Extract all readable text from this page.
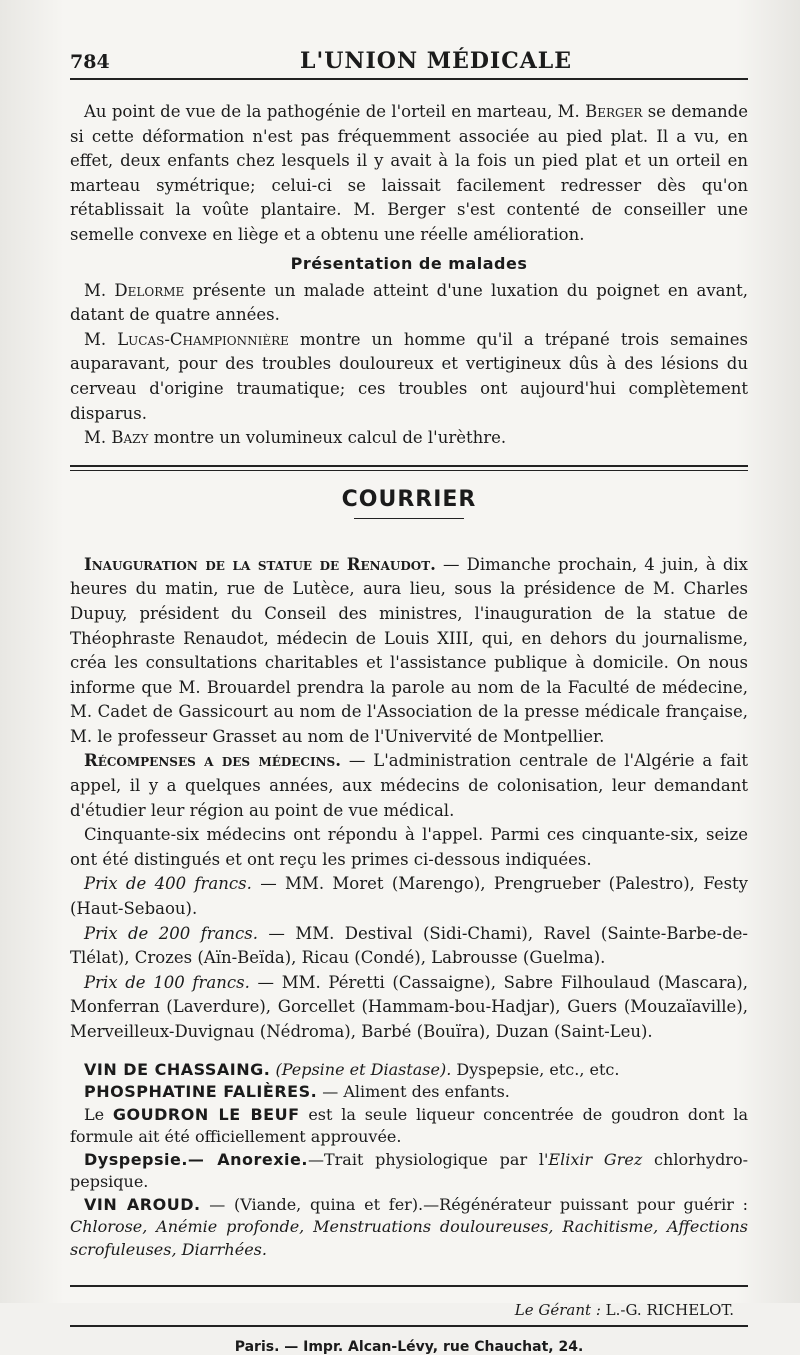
784	L'UNION MÉDICALE

Au point de vue de la pathogénie de l'orteil en marteau, M. Berger se demande si cette déformation n'est pas fréquemment associée au pied plat. Il a vu, en effet, deux enfants chez lesquels il y avait à la fois un pied plat et un orteil en marteau symétrique; celui-ci se laissait facilement redresser dès qu'on rétablissait la voûte plantaire. M. Berger s'est contenté de conseiller une semelle convexe en liège et a obtenu une réelle amélioration.

Présentation de malades

M. Delorme présente un malade atteint d'une luxation du poignet en avant, datant de quatre années.

M. Lucas-Championnière montre un homme qu'il a trépané trois semaines auparavant, pour des troubles douloureux et vertigineux dûs à des lésions du cerveau d'origine traumatique; ces troubles ont aujourd'hui complètement disparus.

M. Bazy montre un volumineux calcul de l'urèthre.

COURRIER

Inauguration de la statue de Renaudot. — Dimanche prochain, 4 juin, à dix heures du matin, rue de Lutèce, aura lieu, sous la présidence de M. Charles Dupuy, président du Conseil des ministres, l'inauguration de la statue de Théophraste Renaudot, médecin de Louis XIII, qui, en dehors du journalisme, créa les consultations charitables et l'assistance publique à domicile. On nous informe que M. Brouardel prendra la parole au nom de la Faculté de médecine, M. Cadet de Gassicourt au nom de l'Association de la presse médicale française, M. le professeur Grasset au nom de l'Univervité de Montpellier.

Récompenses a des médecins. — L'administration centrale de l'Algérie a fait appel, il y a quelques années, aux médecins de colonisation, leur demandant d'étudier leur région au point de vue médical.

Cinquante-six médecins ont répondu à l'appel. Parmi ces cinquante-six, seize ont été distingués et ont reçu les primes ci-dessous indiquées.

Prix de 400 francs. — MM. Moret (Marengo), Prengrueber (Palestro), Festy (Haut-Sebaou).

Prix de 200 francs. — MM. Destival (Sidi-Chami), Ravel (Sainte-Barbe-de-Tlélat), Crozes (Aïn-Beïda), Ricau (Condé), Labrousse (Guelma).

Prix de 100 francs. — MM. Péretti (Cassaigne), Sabre Filhoulaud (Mascara), Monferran (Laverdure), Gorcellet (Hammam-bou-Hadjar), Guers (Mouzaïaville), Merveilleux-Duvignau (Nédroma), Barbé (Bouïra), Duzan (Saint-Leu).

VIN DE CHASSAING. (Pepsine et Diastase). Dyspepsie, etc., etc.

PHOSPHATINE FALIÈRES. — Aliment des enfants.

Le GOUDRON LE BEUF est la seule liqueur concentrée de goudron dont la formule ait été officiellement approuvée.

Dyspepsie.— Anorexie.—Trait physiologique par l'Elixir Grez chlorhydro-pepsique.

VIN AROUD. — (Viande, quina et fer).—Régénérateur puissant pour guérir : Chlorose, Anémie profonde, Menstruations douloureuses, Rachitisme, Affections scrofuleuses, Diarrhées.

Le Gérant : L.-G. RICHELOT.
Paris. — Impr. Alcan-Lévy, rue Chauchat, 24.
